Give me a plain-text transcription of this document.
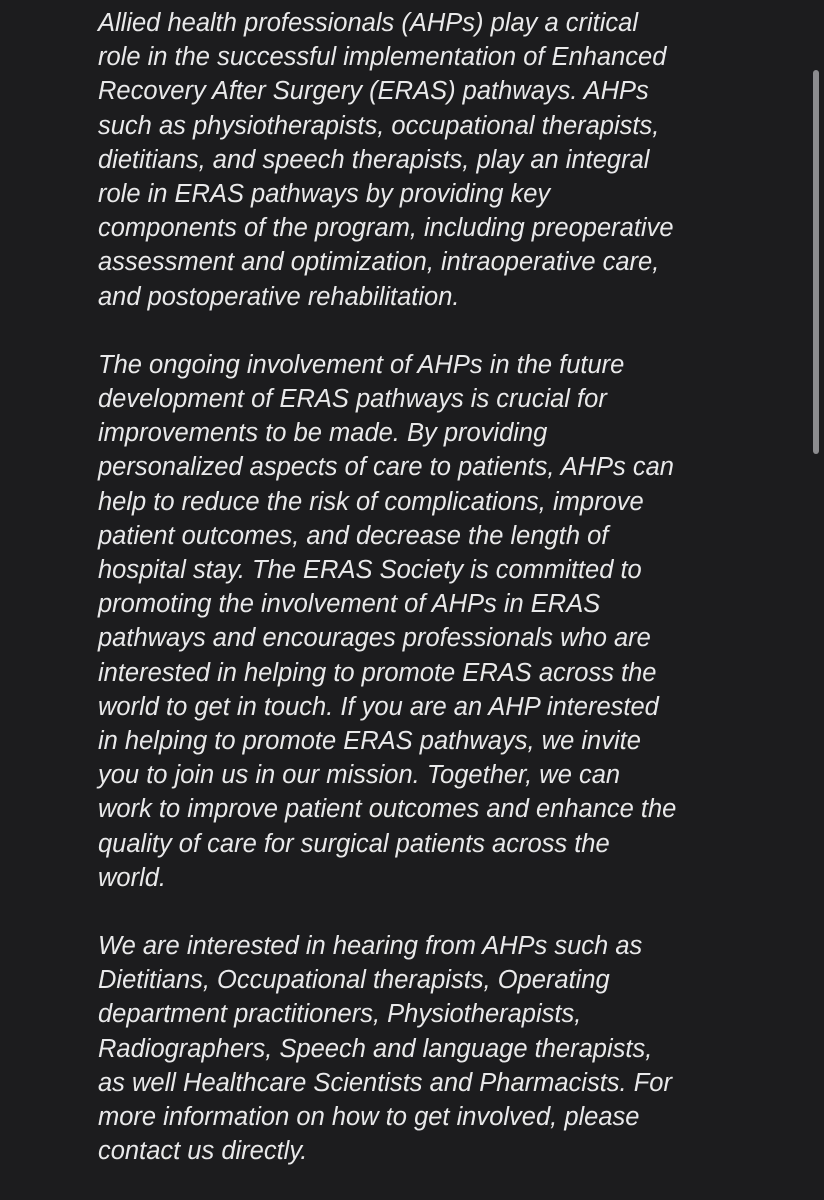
Allied health professionals (AHPs) play a critical
role in the successful implementation of Enhanced
Recovery After Surgery (ERAS) pathways. AHPs
such as physiotherapists, occupational therapists,
dietitians, and speech therapists, play an integral
role in ERAS pathways by providing key
components of the program, including preoperative
assessment and optimization, intraoperative care,
and postoperative rehabilitation.

The ongoing involvement of AHPs in the future
development of ERAS pathways is crucial for
improvements to be made. By providing
personalized aspects of care to patients, AHPs can
help to reduce the risk of complications, improve
patient outcomes, and decrease the length of
hospital stay. The ERAS Society is committed to
promoting the involvement of AHPs in ERAS
pathways and encourages professionals who are
interested in helping to promote ERAS across the
world to get in touch. If you are an AHP interested
in helping to promote ERAS pathways, we invite
you to join us in our mission. Together, we can
work to improve patient outcomes and enhance the
quality of care for surgical patients across the
world.

We are interested in hearing from AHPs such as
Dietitians, Occupational therapists, Operating
department practitioners, Physiotherapists,
Radiographers, Speech and language therapists,
as well Healthcare Scientists and Pharmacists. For
more information on how to get involved, please
contact us directly.
